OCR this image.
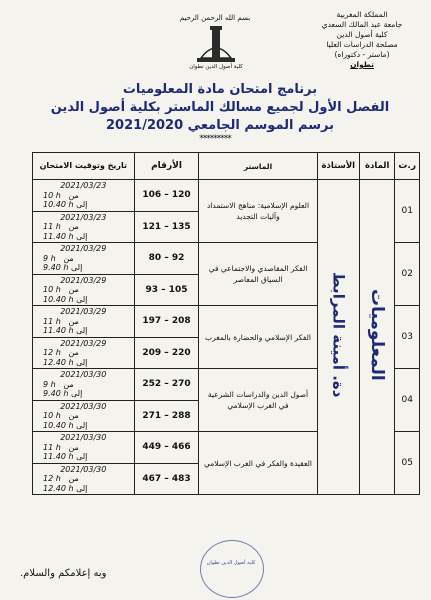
المملكة المغربية
جامعة عبد المالك السعدي
كلية أصول الدين
مصلحة الدراسات العليا
(ماستر - دكتوراه)
تطوان
بسم الله الرحمن الرحيم
كلية أصول الدين تطوان
برنامج امتحان مادة المعلوميات
الفصل الأول لجميع مسالك الماستر بكلية أصول الدين
برسم الموسم الجامعي 2021/2020
*********
ر.ت	المادة	الأستاذة	الماستر	الأرقام	تاريخ وتوقيت الامتحان
01	المعلوميات	دة. أمينة المرابط	العلوم الإسلامية: مناهج الاستمداد وآليات التجديد	120 – 106	2021/03/23
10 h من
10.40 h إلى

				135 – 121	2021/03/23
11 h من
11.40 h إلى

02			الفكر المقاصدي والاجتماعي في السياق المعاصر	92 – 80	2021/03/29
9 h من
9.40 h إلى

				105 – 93	2021/03/29
10 h من
10.40 h إلى

03			الفكر الإسلامي والحضارة بالمغرب	208 – 197	2021/03/29
11 h من
11.40 h إلى

				220 – 209	2021/03/29
12 h من
12.40 h إلى

04			أصول الدين والدراسات الشرعية في الغرب الإسلامي	270 – 252	2021/03/30
9 h من
9.40 h إلى

				288 – 271	2021/03/30
10 h من
10.40 h إلى

05			العقيدة والفكر في الغرب الإسلامي	466 – 449	2021/03/30
11 h من
11.40 h إلى

				483 – 467	2021/03/30
12 h من
12.40 h إلى
كلية أصول الدين تطوان
وبه إعلامكم والسلام.
